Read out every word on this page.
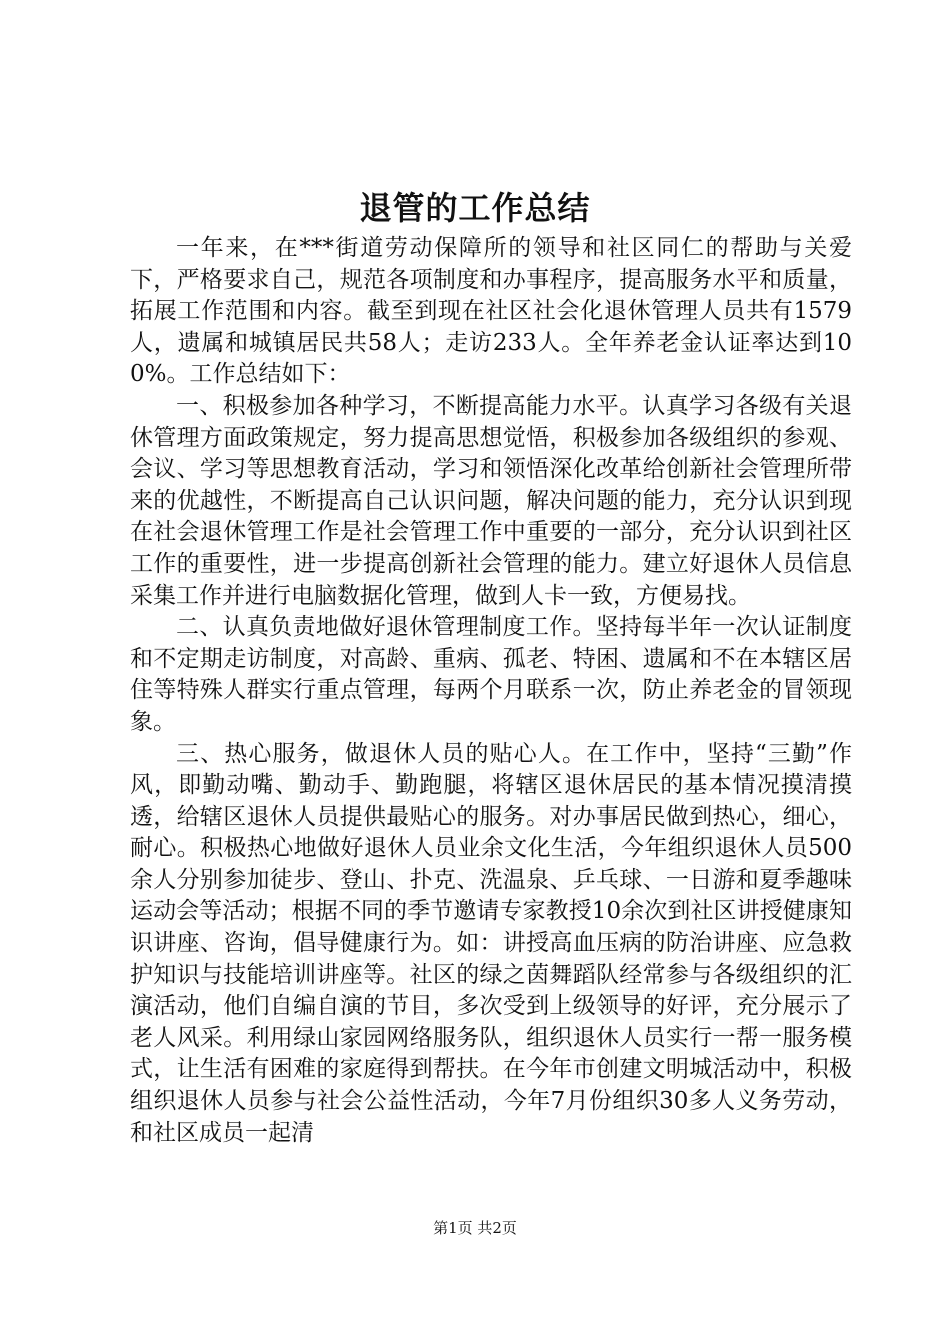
退管的工作总结

一年来，在***街道劳动保障所的领导和社区同仁的帮助与关爱下，严格要求自己，规范各项制度和办事程序，提高服务水平和质量，拓展工作范围和内容。截至到现在社区社会化退休管理人员共有1579人，遗属和城镇居民共58人；走访233人。全年养老金认证率达到100%。工作总结如下：

一、积极参加各种学习，不断提高能力水平。认真学习各级有关退休管理方面政策规定，努力提高思想觉悟，积极参加各级组织的参观、会议、学习等思想教育活动，学习和领悟深化改革给创新社会管理所带来的优越性，不断提高自己认识问题，解决问题的能力，充分认识到现在社会退休管理工作是社会管理工作中重要的一部分，充分认识到社区工作的重要性，进一步提高创新社会管理的能力。建立好退休人员信息采集工作并进行电脑数据化管理，做到人卡一致，方便易找。

二、认真负责地做好退休管理制度工作。坚持每半年一次认证制度和不定期走访制度，对高龄、重病、孤老、特困、遗属和不在本辖区居住等特殊人群实行重点管理，每两个月联系一次，防止养老金的冒领现象。

三、热心服务，做退休人员的贴心人。在工作中，坚持“三勤”作风，即勤动嘴、勤动手、勤跑腿，将辖区退休居民的基本情况摸清摸透，给辖区退休人员提供最贴心的服务。对办事居民做到热心，细心，耐心。积极热心地做好退休人员业余文化生活，今年组织退休人员500余人分别参加徒步、登山、扑克、洗温泉、乒乓球、一日游和夏季趣味运动会等活动；根据不同的季节邀请专家教授10余次到社区讲授健康知识讲座、咨询，倡导健康行为。如：讲授高血压病的防治讲座、应急救护知识与技能培训讲座等。社区的绿之茵舞蹈队经常参与各级组织的汇演活动，他们自编自演的节目，多次受到上级领导的好评，充分展示了老人风采。利用绿山家园网络服务队，组织退休人员实行一帮一服务模式，让生活有困难的家庭得到帮扶。在今年市创建文明城活动中，积极组织退休人员参与社会公益性活动，今年7月份组织30多人义务劳动，和社区成员一起清

第1页 共2页
